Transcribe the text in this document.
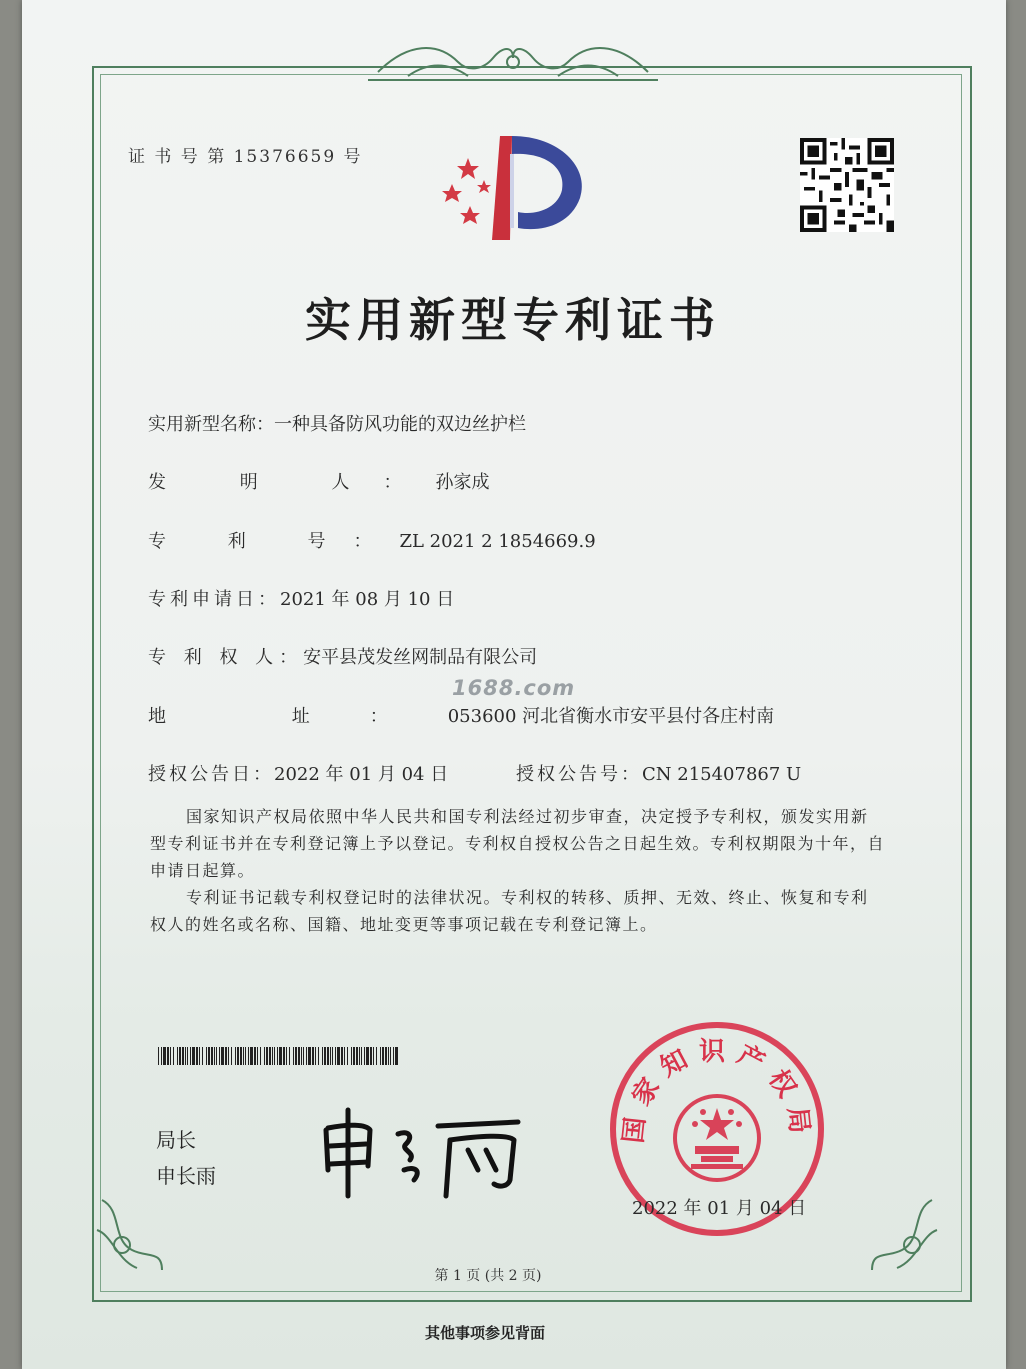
证 书 号 第 15376659 号
实用新型专利证书
实用新型名称：一种具备防风功能的双边丝护栏
发 明 人：孙家成
专 利 号：ZL 2021 2 1854669.9
专利申请日：2021 年 08 月 10 日
专 利 权 人：安平县茂发丝网制品有限公司
1688.com
地 址：053600 河北省衡水市安平县付各庄村南
授权公告日：2022 年 01 月 04 日	授权公告号：CN 215407867 U
国家知识产权局依照中华人民共和国专利法经过初步审查，决定授予专利权，颁发实用新型专利证书并在专利登记簿上予以登记。专利权自授权公告之日起生效。专利权期限为十年，自申请日起算。
专利证书记载专利权登记时的法律状况。专利权的转移、质押、无效、终止、恢复和专利权人的姓名或名称、国籍、地址变更等事项记载在专利登记簿上。
局长
申长雨
国家知识产权局
2022 年 01 月 04 日
第 1 页 (共 2 页)
其他事项参见背面
